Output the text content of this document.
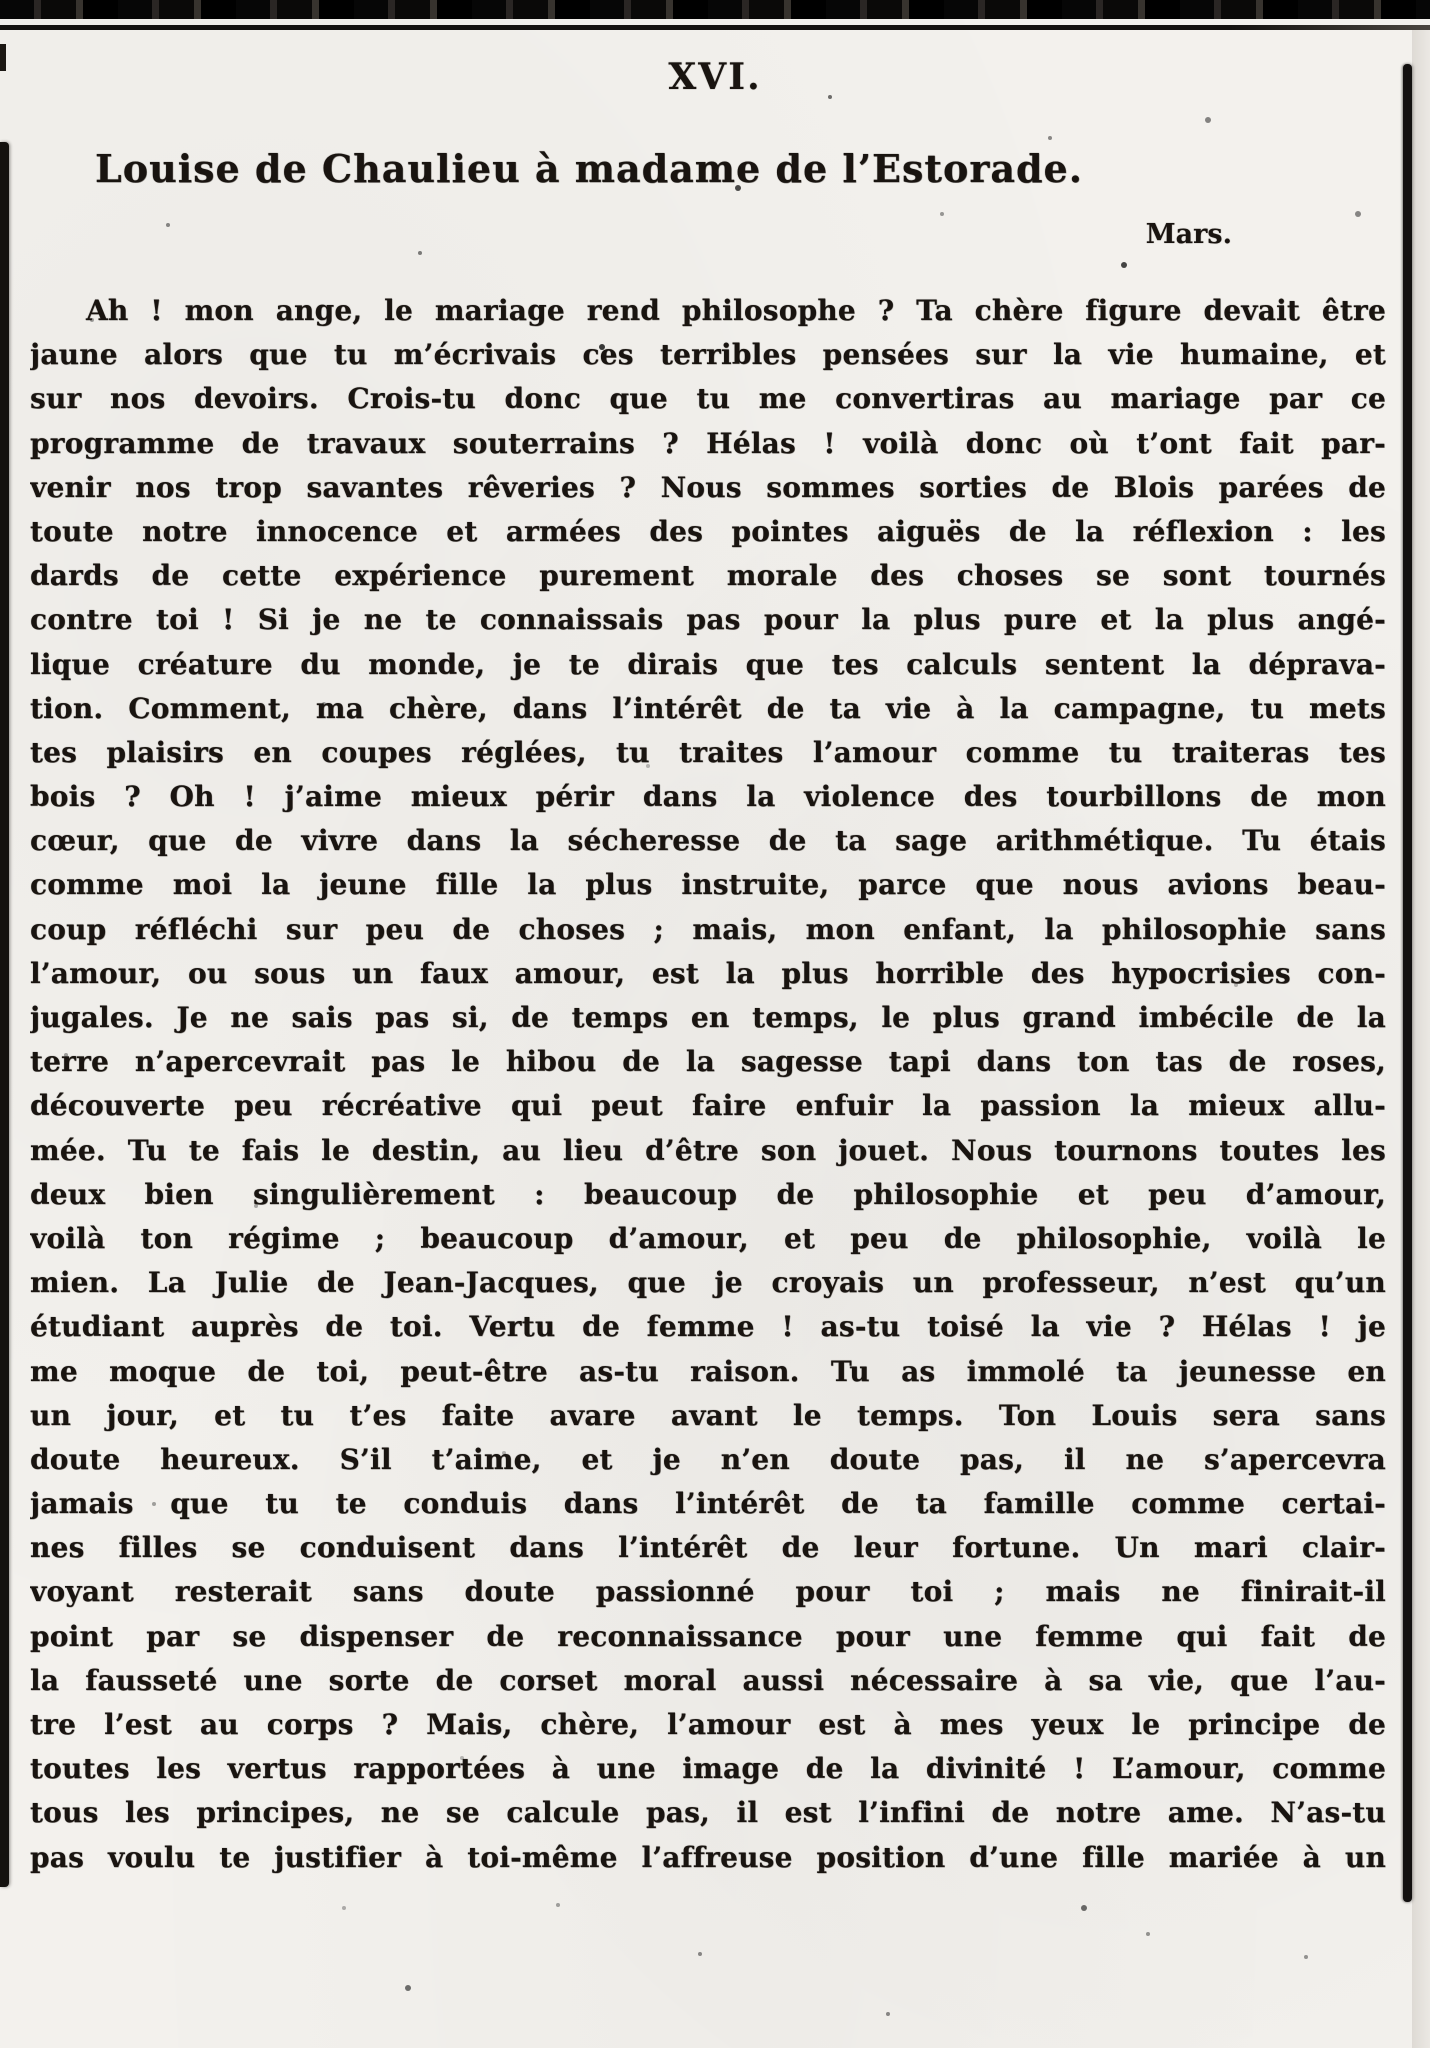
XVI.
Louise de Chaulieu à madame de l’Estorade.
Mars.
Ah ! mon ange, le mariage rend philosophe ? Ta chère figure devait être
jaune alors que tu m’écrivais ces terribles pensées sur la vie humaine, et
sur nos devoirs. Crois-tu donc que tu me convertiras au mariage par ce
programme de travaux souterrains ? Hélas ! voilà donc où t’ont fait par-
venir nos trop savantes rêveries ? Nous sommes sorties de Blois parées de
toute notre innocence et armées des pointes aiguës de la réflexion : les
dards de cette expérience purement morale des choses se sont tournés
contre toi ! Si je ne te connaissais pas pour la plus pure et la plus angé-
lique créature du monde, je te dirais que tes calculs sentent la déprava-
tion. Comment, ma chère, dans l’intérêt de ta vie à la campagne, tu mets
tes plaisirs en coupes réglées, tu traites l’amour comme tu traiteras tes
bois ? Oh ! j’aime mieux périr dans la violence des tourbillons de mon
cœur, que de vivre dans la sécheresse de ta sage arithmétique. Tu étais
comme moi la jeune fille la plus instruite, parce que nous avions beau-
coup réfléchi sur peu de choses ; mais, mon enfant, la philosophie sans
l’amour, ou sous un faux amour, est la plus horrible des hypocrisies con-
jugales. Je ne sais pas si, de temps en temps, le plus grand imbécile de la
terre n’apercevrait pas le hibou de la sagesse tapi dans ton tas de roses,
découverte peu récréative qui peut faire enfuir la passion la mieux allu-
mée. Tu te fais le destin, au lieu d’être son jouet. Nous tournons toutes les
deux bien singulièrement : beaucoup de philosophie et peu d’amour,
voilà ton régime ; beaucoup d’amour, et peu de philosophie, voilà le
mien. La Julie de Jean-Jacques, que je croyais un professeur, n’est qu’un
étudiant auprès de toi. Vertu de femme ! as-tu toisé la vie ? Hélas ! je
me moque de toi, peut-être as-tu raison. Tu as immolé ta jeunesse en
un jour, et tu t’es faite avare avant le temps. Ton Louis sera sans
doute heureux. S’il t’aime, et je n’en doute pas, il ne s’apercevra
jamais que tu te conduis dans l’intérêt de ta famille comme certai-
nes filles se conduisent dans l’intérêt de leur fortune. Un mari clair-
voyant resterait sans doute passionné pour toi ; mais ne finirait-il
point par se dispenser de reconnaissance pour une femme qui fait de
la fausseté une sorte de corset moral aussi nécessaire à sa vie, que l’au-
tre l’est au corps ? Mais, chère, l’amour est à mes yeux le principe de
toutes les vertus rapportées à une image de la divinité ! L’amour, comme
tous les principes, ne se calcule pas, il est l’infini de notre ame. N’as-tu
pas voulu te justifier à toi-même l’affreuse position d’une fille mariée à un
